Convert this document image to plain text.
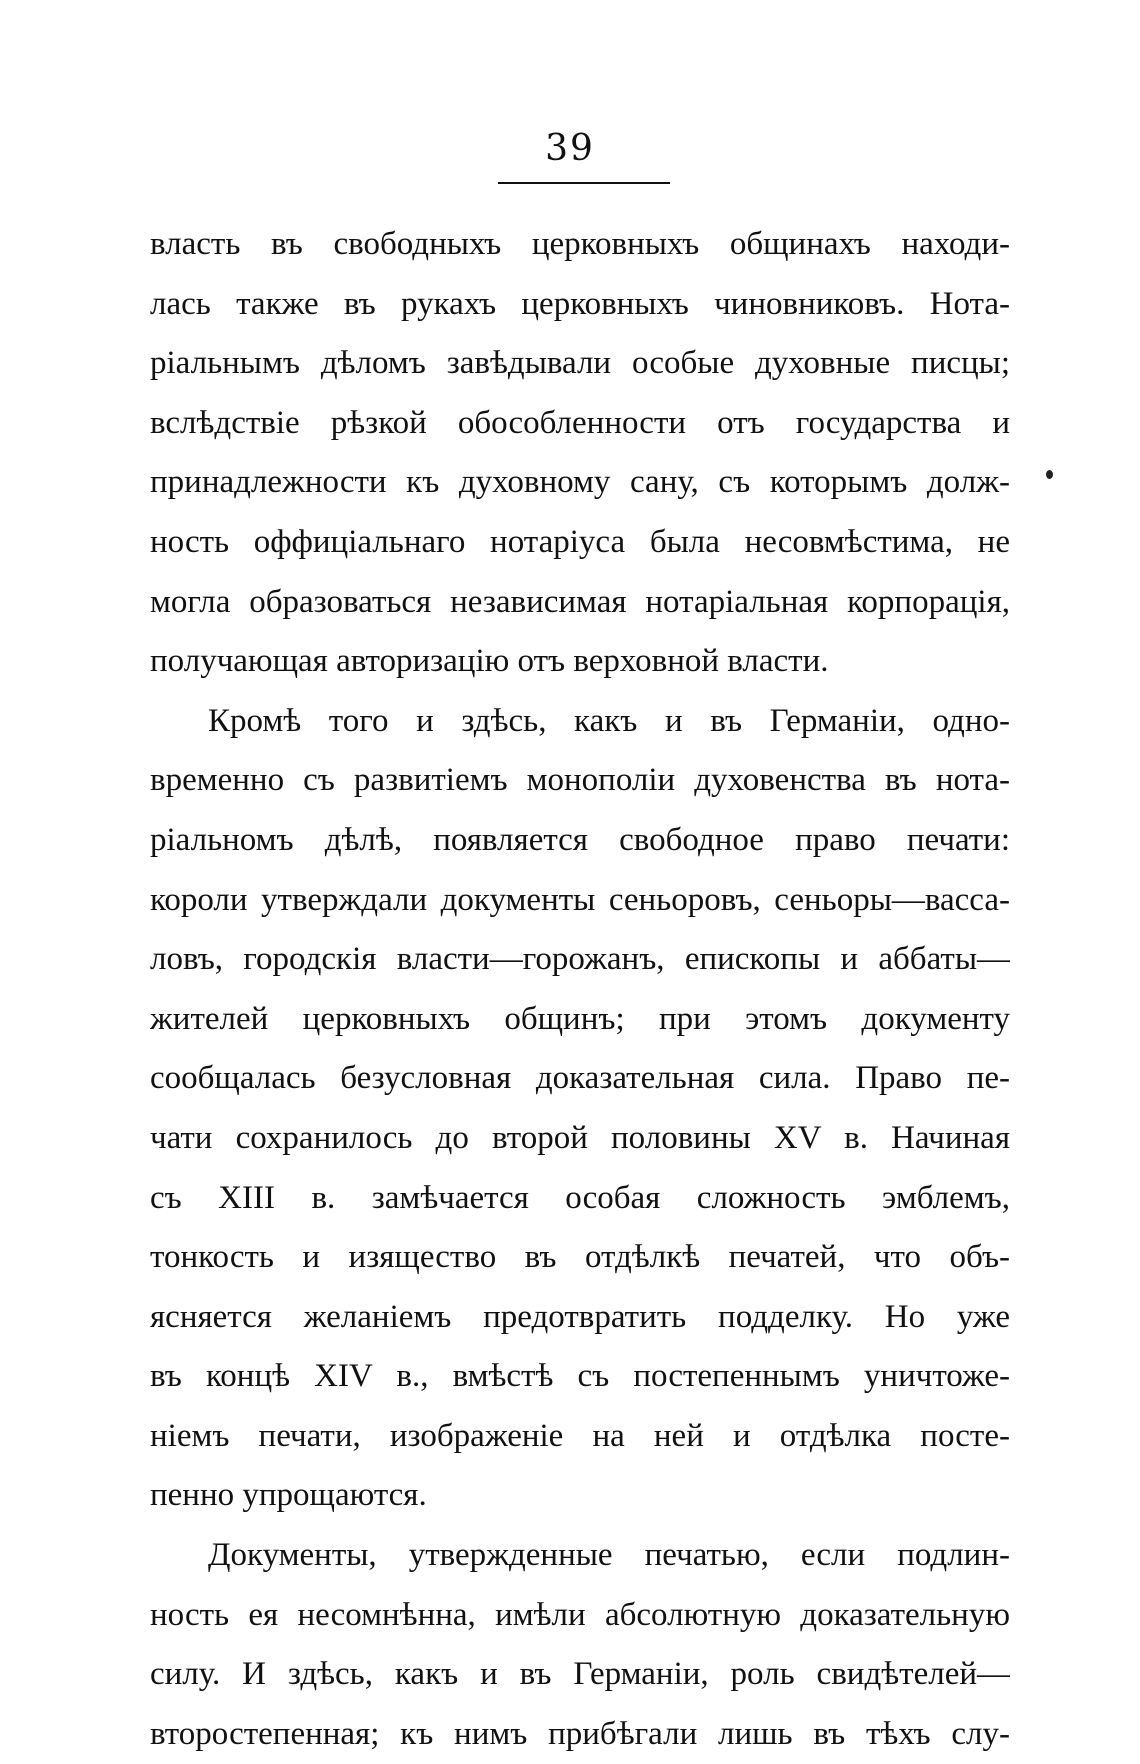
39
власть въ свободныхъ церковныхъ общинахъ находи-
лась также въ рукахъ церковныхъ чиновниковъ. Нота-
ріальнымъ дѣломъ завѣдывали особые духовные писцы;
вслѣдствіе рѣзкой обособленности отъ государства и
принадлежности къ духовному сану, съ которымъ долж-
ность оффиціальнаго нотаріуса была несовмѣстима, не
могла образоваться независимая нотаріальная корпорація,
получающая авторизацію отъ верховной власти.
Кромѣ того и здѣсь, какъ и въ Германіи, одно-
временно съ развитіемъ монополіи духовенства въ нота-
ріальномъ дѣлѣ, появляется свободное право печати:
короли утверждали документы сеньоровъ, сеньоры—васса-
ловъ, городскія власти—горожанъ, епископы и аббаты—
жителей церковныхъ общинъ; при этомъ документу
сообщалась безусловная доказательная сила. Право пе-
чати сохранилось до второй половины XV в. Начиная
съ XIII в. замѣчается особая сложность эмблемъ,
тонкость и изящество въ отдѣлкѣ печатей, что объ-
ясняется желаніемъ предотвратить подделку. Но уже
въ концѣ XIV в., вмѣстѣ съ постепеннымъ уничтоже-
ніемъ печати, изображеніе на ней и отдѣлка посте-
пенно упрощаются.
Документы, утвержденные печатью, если подлин-
ность ея несомнѣнна, имѣли абсолютную доказательную
силу. И здѣсь, какъ и въ Германіи, роль свидѣтелей—
второстепенная; къ нимъ прибѣгали лишь въ тѣхъ слу-
